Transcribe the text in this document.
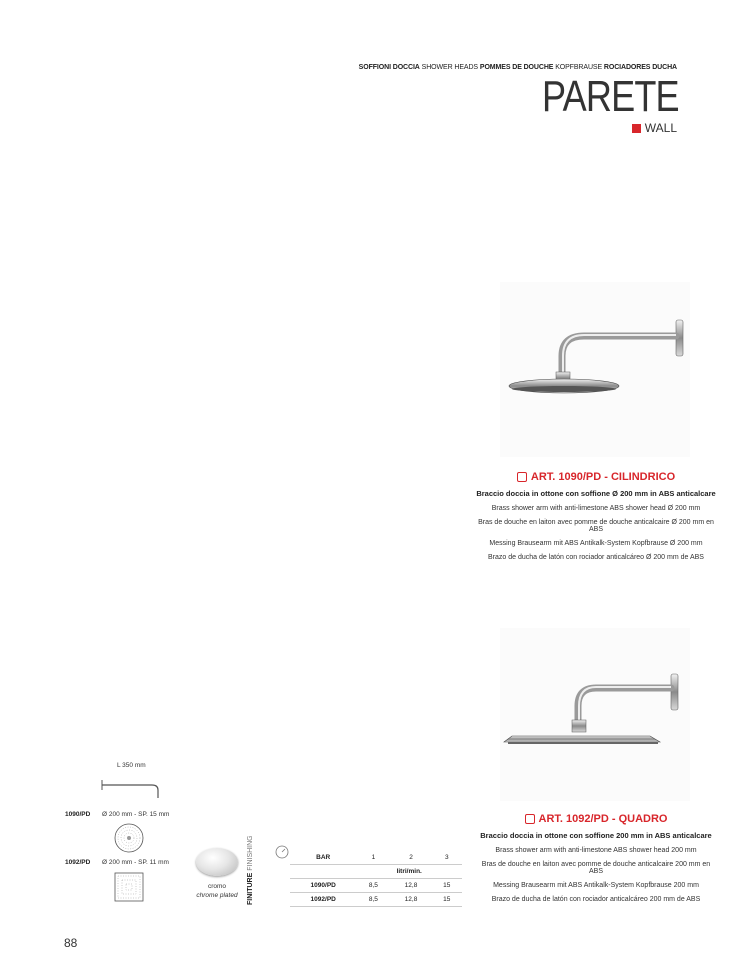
SOFFIONI DOCCIA SHOWER HEADS POMMES DE DOUCHE KOPFBRAUSE ROCIADORES DUCHA
PARETE
WALL
ART. 1090/PD - CILINDRICO
Braccio doccia in ottone con soffione Ø 200 mm in ABS anticalcare
Brass shower arm with anti-limestone ABS shower head Ø 200 mm
Bras de douche en laiton avec pomme de douche anticalcaire Ø 200 mm en ABS
Messing Brausearm mit ABS Antikalk-System Kopfbrause Ø 200 mm
Brazo de ducha de latón con rociador anticalcáreo Ø 200 mm de ABS
ART. 1092/PD - QUADRO
Braccio doccia in ottone con soffione 200 mm in ABS anticalcare
Brass shower arm with anti-limestone ABS shower head 200 mm
Bras de douche en laiton avec pomme de douche anticalcaire 200 mm en ABS
Messing Brausearm mit ABS Antikalk-System Kopfbrause 200 mm
Brazo de ducha de latón con rociador anticalcáreo 200 mm de ABS
L 350 mm
1090/PD Ø 200 mm - SP. 15 mm
1092/PD Ø 200 mm - SP. 11 mm
cromo
chrome plated	FINITURE FINISHING	BAR	1	2	3
	litri/min.		
1090/PD	8,5	12,8	15
1092/PD	8,5	12,8	15
88
